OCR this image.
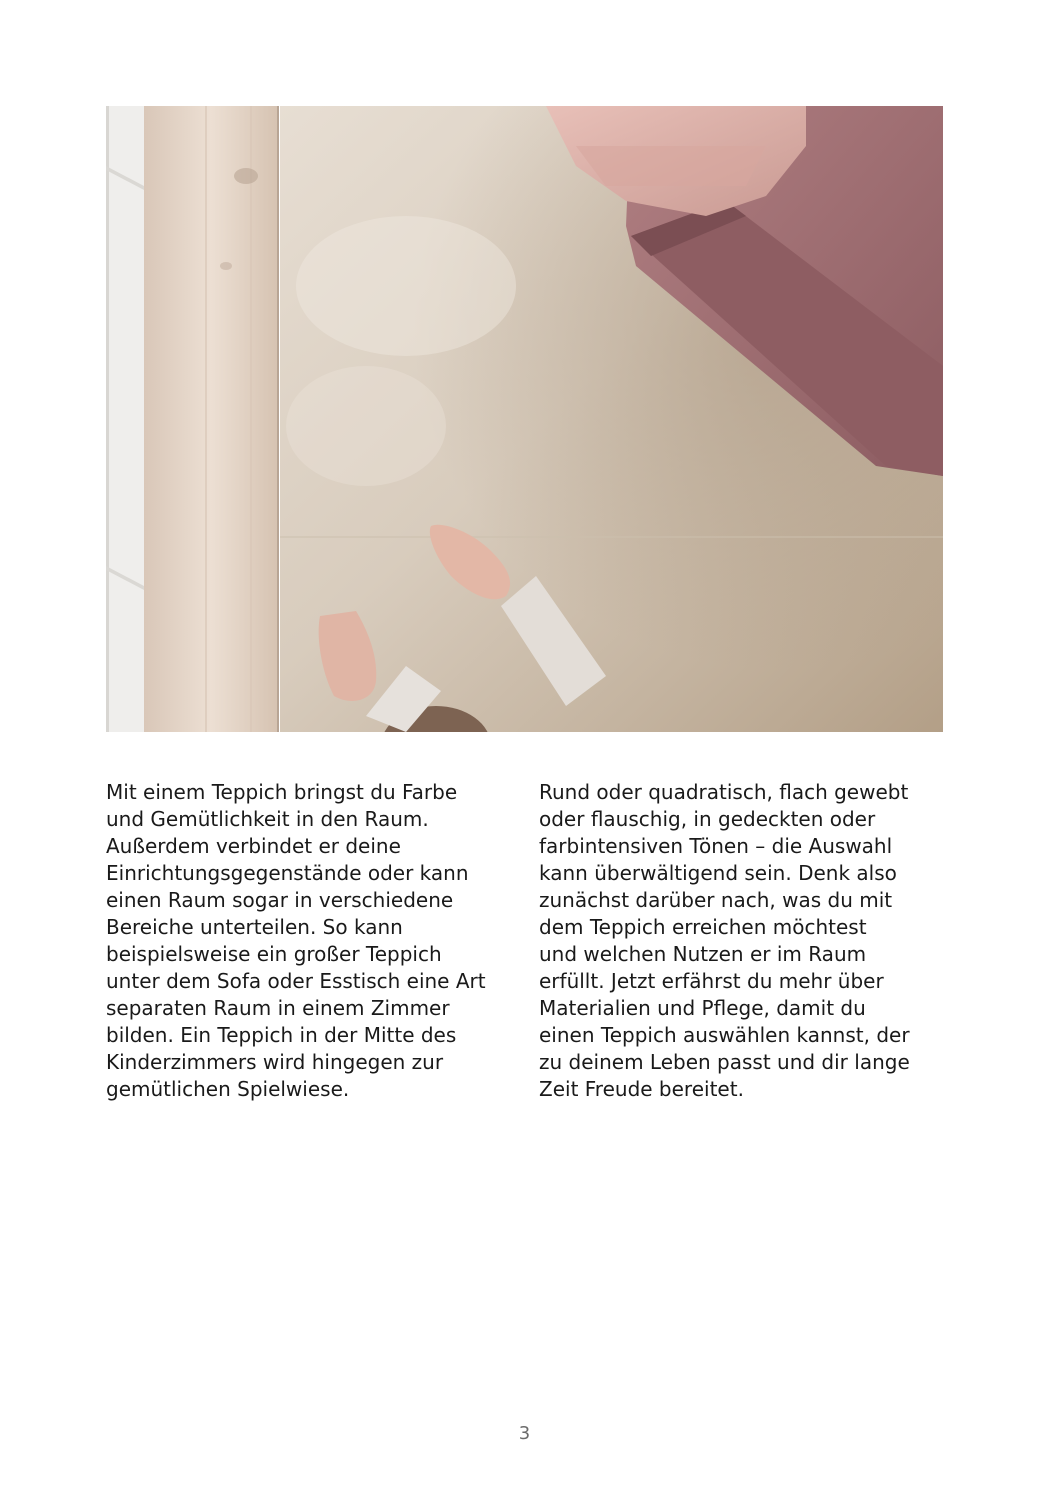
Mit einem Teppich bringst du Farbe
und Gemütlichkeit in den Raum.
Außerdem verbindet er deine
Einrichtungsgegenstände oder kann
einen Raum sogar in verschiedene
Bereiche unterteilen. So kann
beispielsweise ein großer Teppich
unter dem Sofa oder Esstisch eine Art
separaten Raum in einem Zimmer
bilden. Ein Teppich in der Mitte des
Kinderzimmers wird hingegen zur
gemütlichen Spielwiese.

Rund oder quadratisch, flach gewebt
oder flauschig, in gedeckten oder
farbintensiven Tönen – die Auswahl
kann überwältigend sein. Denk also
zunächst darüber nach, was du mit
dem Teppich erreichen möchtest
und welchen Nutzen er im Raum
erfüllt. Jetzt erfährst du mehr über
Materialien und Pflege, damit du
einen Teppich auswählen kannst, der
zu deinem Leben passt und dir lange
Zeit Freude bereitet.

3
